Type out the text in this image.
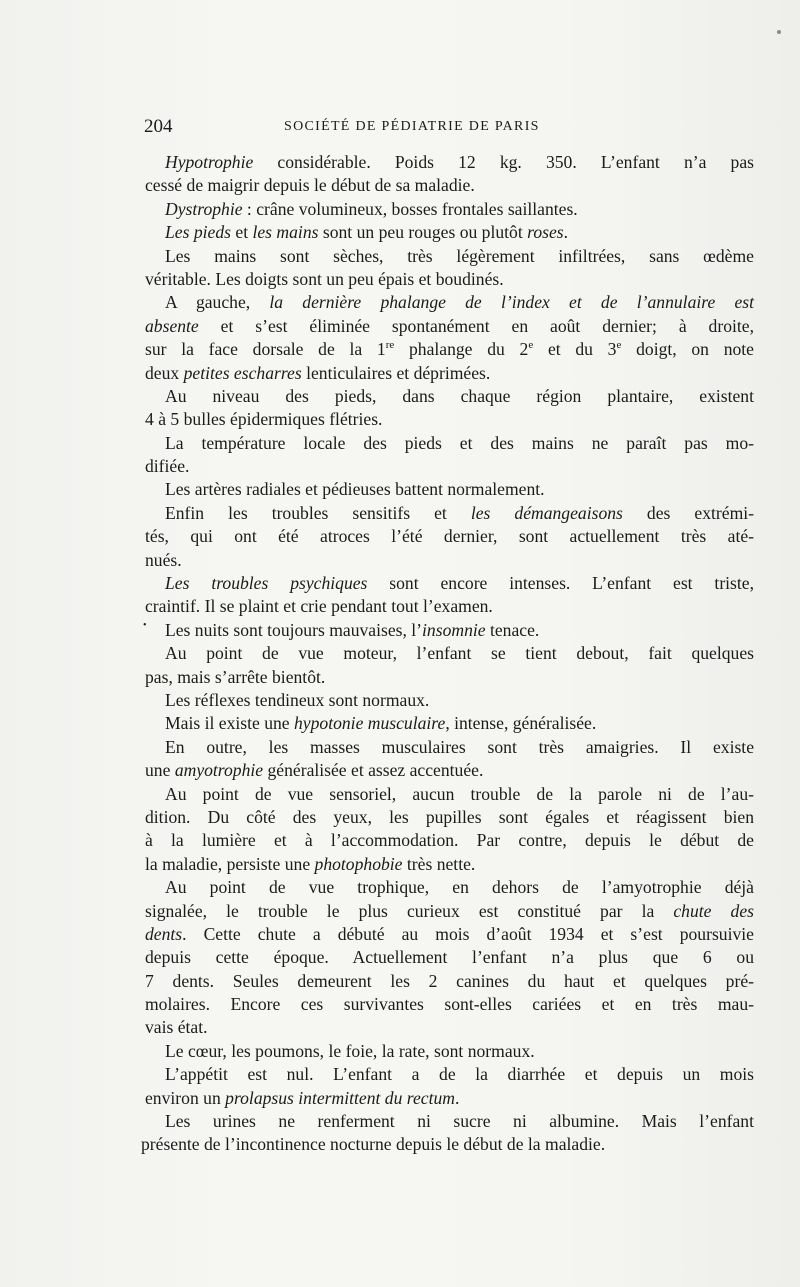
204	SOCIÉTÉ DE PÉDIATRIE DE PARIS
•
Hypotrophie considérable. Poids 12 kg. 350. L’enfant n’a pas
cessé de maigrir depuis le début de sa maladie.
Dystrophie : crâne volumineux, bosses frontales saillantes.
Les pieds et les mains sont un peu rouges ou plutôt roses.
Les mains sont sèches, très légèrement infiltrées, sans œdème
véritable. Les doigts sont un peu épais et boudinés.
A gauche, la dernière phalange de l’index et de l’annulaire est
absente et s’est éliminée spontanément en août dernier; à droite,
sur la face dorsale de la 1re phalange du 2e et du 3e doigt, on note
deux petites escharres lenticulaires et déprimées.
Au niveau des pieds, dans chaque région plantaire, existent
4 à 5 bulles épidermiques flétries.
La température locale des pieds et des mains ne paraît pas mo-
difiée.
Les artères radiales et pédieuses battent normalement.
Enfin les troubles sensitifs et les démangeaisons des extrémi-
tés, qui ont été atroces l’été dernier, sont actuellement très até-
nués.
Les troubles psychiques sont encore intenses. L’enfant est triste,
craintif. Il se plaint et crie pendant tout l’examen.
Les nuits sont toujours mauvaises, l’insomnie tenace.
Au point de vue moteur, l’enfant se tient debout, fait quelques
pas, mais s’arrête bientôt.
Les réflexes tendineux sont normaux.
Mais il existe une hypotonie musculaire, intense, généralisée.
En outre, les masses musculaires sont très amaigries. Il existe
une amyotrophie généralisée et assez accentuée.
Au point de vue sensoriel, aucun trouble de la parole ni de l’au-
dition. Du côté des yeux, les pupilles sont égales et réagissent bien
à la lumière et à l’accommodation. Par contre, depuis le début de
la maladie, persiste une photophobie très nette.
Au point de vue trophique, en dehors de l’amyotrophie déjà
signalée, le trouble le plus curieux est constitué par la chute des
dents. Cette chute a débuté au mois d’août 1934 et s’est poursuivie
depuis cette époque. Actuellement l’enfant n’a plus que 6 ou
7 dents. Seules demeurent les 2 canines du haut et quelques pré-
molaires. Encore ces survivantes sont-elles cariées et en très mau-
vais état.
Le cœur, les poumons, le foie, la rate, sont normaux.
L’appétit est nul. L’enfant a de la diarrhée et depuis un mois
environ un prolapsus intermittent du rectum.
Les urines ne renferment ni sucre ni albumine. Mais l’enfant
présente de l’incontinence nocturne depuis le début de la maladie.
